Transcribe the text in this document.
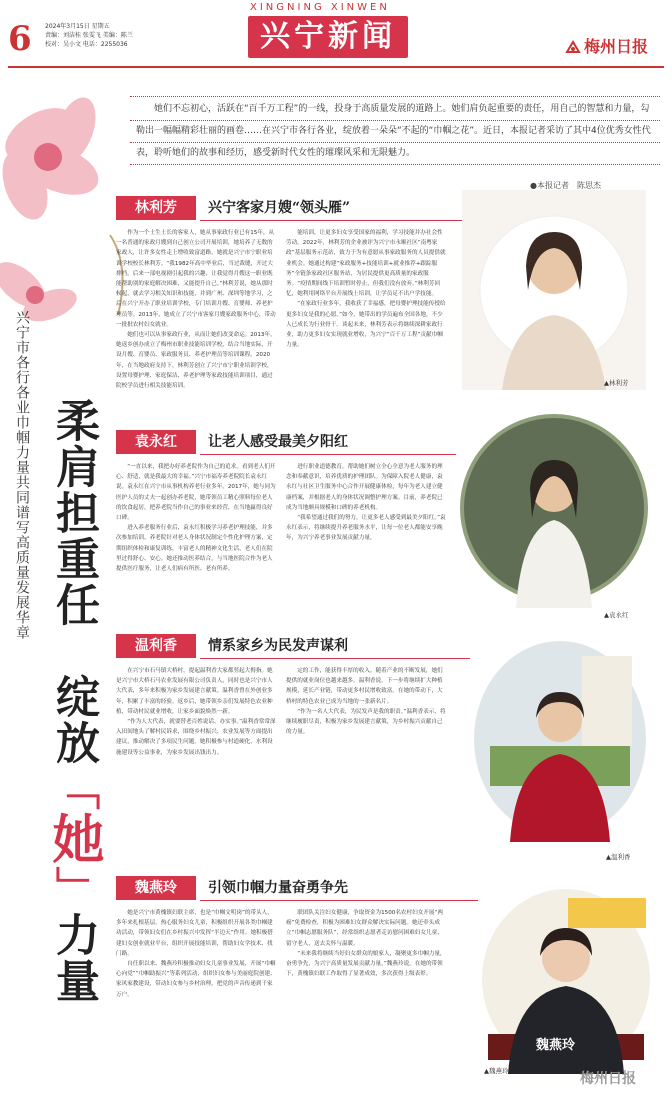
XINGNING XINWEN
6 2024年3月15日 星期五
责编：刘洁桂 张雯飞 美编：陈兰
校对：吴小文 电话：2255036	兴宁新闻	梅州日报

她们不忘初心，活跃在“百千万工程”的一线，投身于高质量发展的道路上。她们肩负起重要的责任，用自己的智慧和力量，勾勒出一幅幅精彩壮丽的画卷……在兴宁市各行各业，绽放着一朵朵“不起的“巾帼之花”。近日，本报记者采访了其中4位优秀女性代表，聆听她们的故事和经历，感受新时代女性的璀璨风采和无限魅力。

●本报记者　陈思杰
柔肩担重任　绽放「她」力量
兴宁市各行各业巾帼力量共同谱写高质量发展华章
林利芳	兴宁客家月嫂“领头雁”

作为一个土生土长的客家人，她从事家政行业已有15年，从一名普通的家政月嫂到自己创立公司开展培训，她培养了无数的家政人，让许多女性走上增收致富道路。她就是兴宁市宁职业培训学校校长林利芳。“我1982年高中毕业后，当过裁缝，开过大排档。后来一部电视剧引起我的兴趣，让我觉得月嫂这一职业既能帮助别的家庭解决困难，又能提升自己。”林利芳说，她从那时候起，就去学习相关知识和技能，并到广州、深圳等地学习，之后在兴宁开办了职业培训学校，专门培训月嫂、育婴师、养老护理员等。2013年，她成立了兴宁市客家月嫂家政服务中心，带动一批批农村妇女就业。

她们也可以从事家政行业，从而让她们改变命运。2013年，她返乡创办成立了梅州市职业技能培训学校，结合当地实际，开设月嫂、育婴员、家政服务员、养老护理员等培训课程。2020年，在当地政府支持下，林利芳创立了兴宁市宁职业培训学校，设置母婴护理、家庭保洁、养老护理等家政技能培训项目，通过院校学员进行相关技能培训。

能培训，让更多妇女享受国家的福利，学习技能并办社会性劳动。2022年，林利芳的企业被评为兴宁市永顺社区“南粤家政”基层服务示范站，致力于为有意愿从事家政服务的人员提供就业机会。她通过构建“家政服务+技能培训+就业推荐+跟踪服务”全链条家政社区服务站，为居民提供更高质量的家政服务。“疫情期间线下培训暂时停止，但我们没有放弃。”林利芳回忆，她利用网络平台开展线上培训，让学员足不出户学技能。

“在家政行业多年，我收获了幸福感，把母婴护理技能传授给更多妇女是我的心愿。”如今，她带出的学员遍布全国各地，不少人已成长为行业骨干。谈起未来，林利芳表示将继续深耕家政行业，助力更多妇女实现就业增收，为兴宁“百千万工程”贡献巾帼力量。

▲林利芳
袁永红	让老人感受最美夕阳红

“一直以来，我把办好养老院作为自己的追求。看到老人们开心、舒适，就是我最大的幸福。”兴宁市福寿养老院院长袁永红说。袁永红在兴宁市从事机构养老行业多年。2017年，她与同为医护人员的丈夫一起创办养老院，她带领员工精心照料每位老人的饮食起居，把养老院当作自己的事业来经营，在当地赢得良好口碑。

进入养老服务行业后，袁永红积极学习养老护理技能，并多次参加培训。养老院针对老人身体状况制定个性化护理方案，定期组织体检和康复训练，丰富老人的精神文化生活，老人们在院里过得舒心、安心。她还推动医养结合，与当地医院合作为老人提供医疗服务，让老人们病有所医、老有所养。

进行职业道德教育，帮助她们树立全心全意为老人服务的理念和奉献意识，培养优质的护理团队。为保障入院老人健康，袁永红与社区卫生服务中心合作开展健康体检，每年为老人建立健康档案，并根据老人的身体状况调整护理方案。目前，养老院已成为当地颇具规模和口碑的养老机构。

“我希望通过我们的努力，让更多老人感受到最美夕阳红。”袁永红表示，将继续提升养老服务水平，让每一位老人都能安享晚年，为兴宁养老事业发展贡献力量。

▲袁永红
温利香	情系家乡为民发声谋利

在兴宁市石马镇大桥村，提起温利香大家都竖起大拇指。她是兴宁市大桥石马农业发展有限公司负责人，同时也是兴宁市人大代表，多年来积极为家乡发展建言献策。温利香曾在外创业多年，积累了丰富的经验。返乡后，她带领乡亲们发展特色农业种植，带动村民就业增收，让家乡面貌焕然一新。

“作为人大代表，就要替老百姓说话、办实事。”温利香常常深入田间地头了解村民诉求，围绕乡村振兴、农业发展等方面提出建议，推动解决了多项民生问题。她积极参与村道硬化、水利设施建设等公益事业，为家乡发展出钱出力。

定的工作，能获得丰厚的收入。随着产业的不断发展，她们提供的就业岗位也越来越多。温利香说，下一步将继续扩大种植规模，延长产业链，带动更多村民增收致富。在她的带动下，大桥村的特色农业已成为当地的一张新名片。

“作为一名人大代表，为民发声是我的职责。”温利香表示，将继续履职尽责，积极为家乡发展建言献策，为乡村振兴贡献自己的力量。

▲温利香
魏燕玲	引领巾帼力量奋勇争先

她是兴宁市黄槐镇妇联主席，也是“巾帼文明岗”的带头人，多年来扎根基层，热心服务妇女儿童，积极组织开展各类巾帼建功活动，带领妇女们在乡村振兴中发挥“半边天”作用。她积极搭建妇女创业就业平台，组织开展技能培训，帮助妇女学技术、找门路。

自任职以来，魏燕玲积极推动妇女儿童事业发展，开展“巾帼心向党”“巾帼助振兴”等系列活动，组织妇女参与美丽庭院创建、家风家教建设，带动妇女参与乡村治理，把党的声音传递到千家万户。

联团队关注妇女健康，争取资金为1500名农村妇女开展“两癌”免费检查，积极为困难妇女群众解决实际问题。她还牵头成立“巾帼志愿服务队”，经常组织志愿者走访慰问困难妇女儿童、留守老人，送去关怀与温暖。

“未来我将继续当好妇女群众的娘家人，凝聚更多巾帼力量，奋勇争先，为兴宁高质量发展贡献力量。”魏燕玲说。在她的带领下，黄槐镇妇联工作取得了显著成效，多次获得上级表彰。

魏燕玲
▲魏燕玲	梅州日报
